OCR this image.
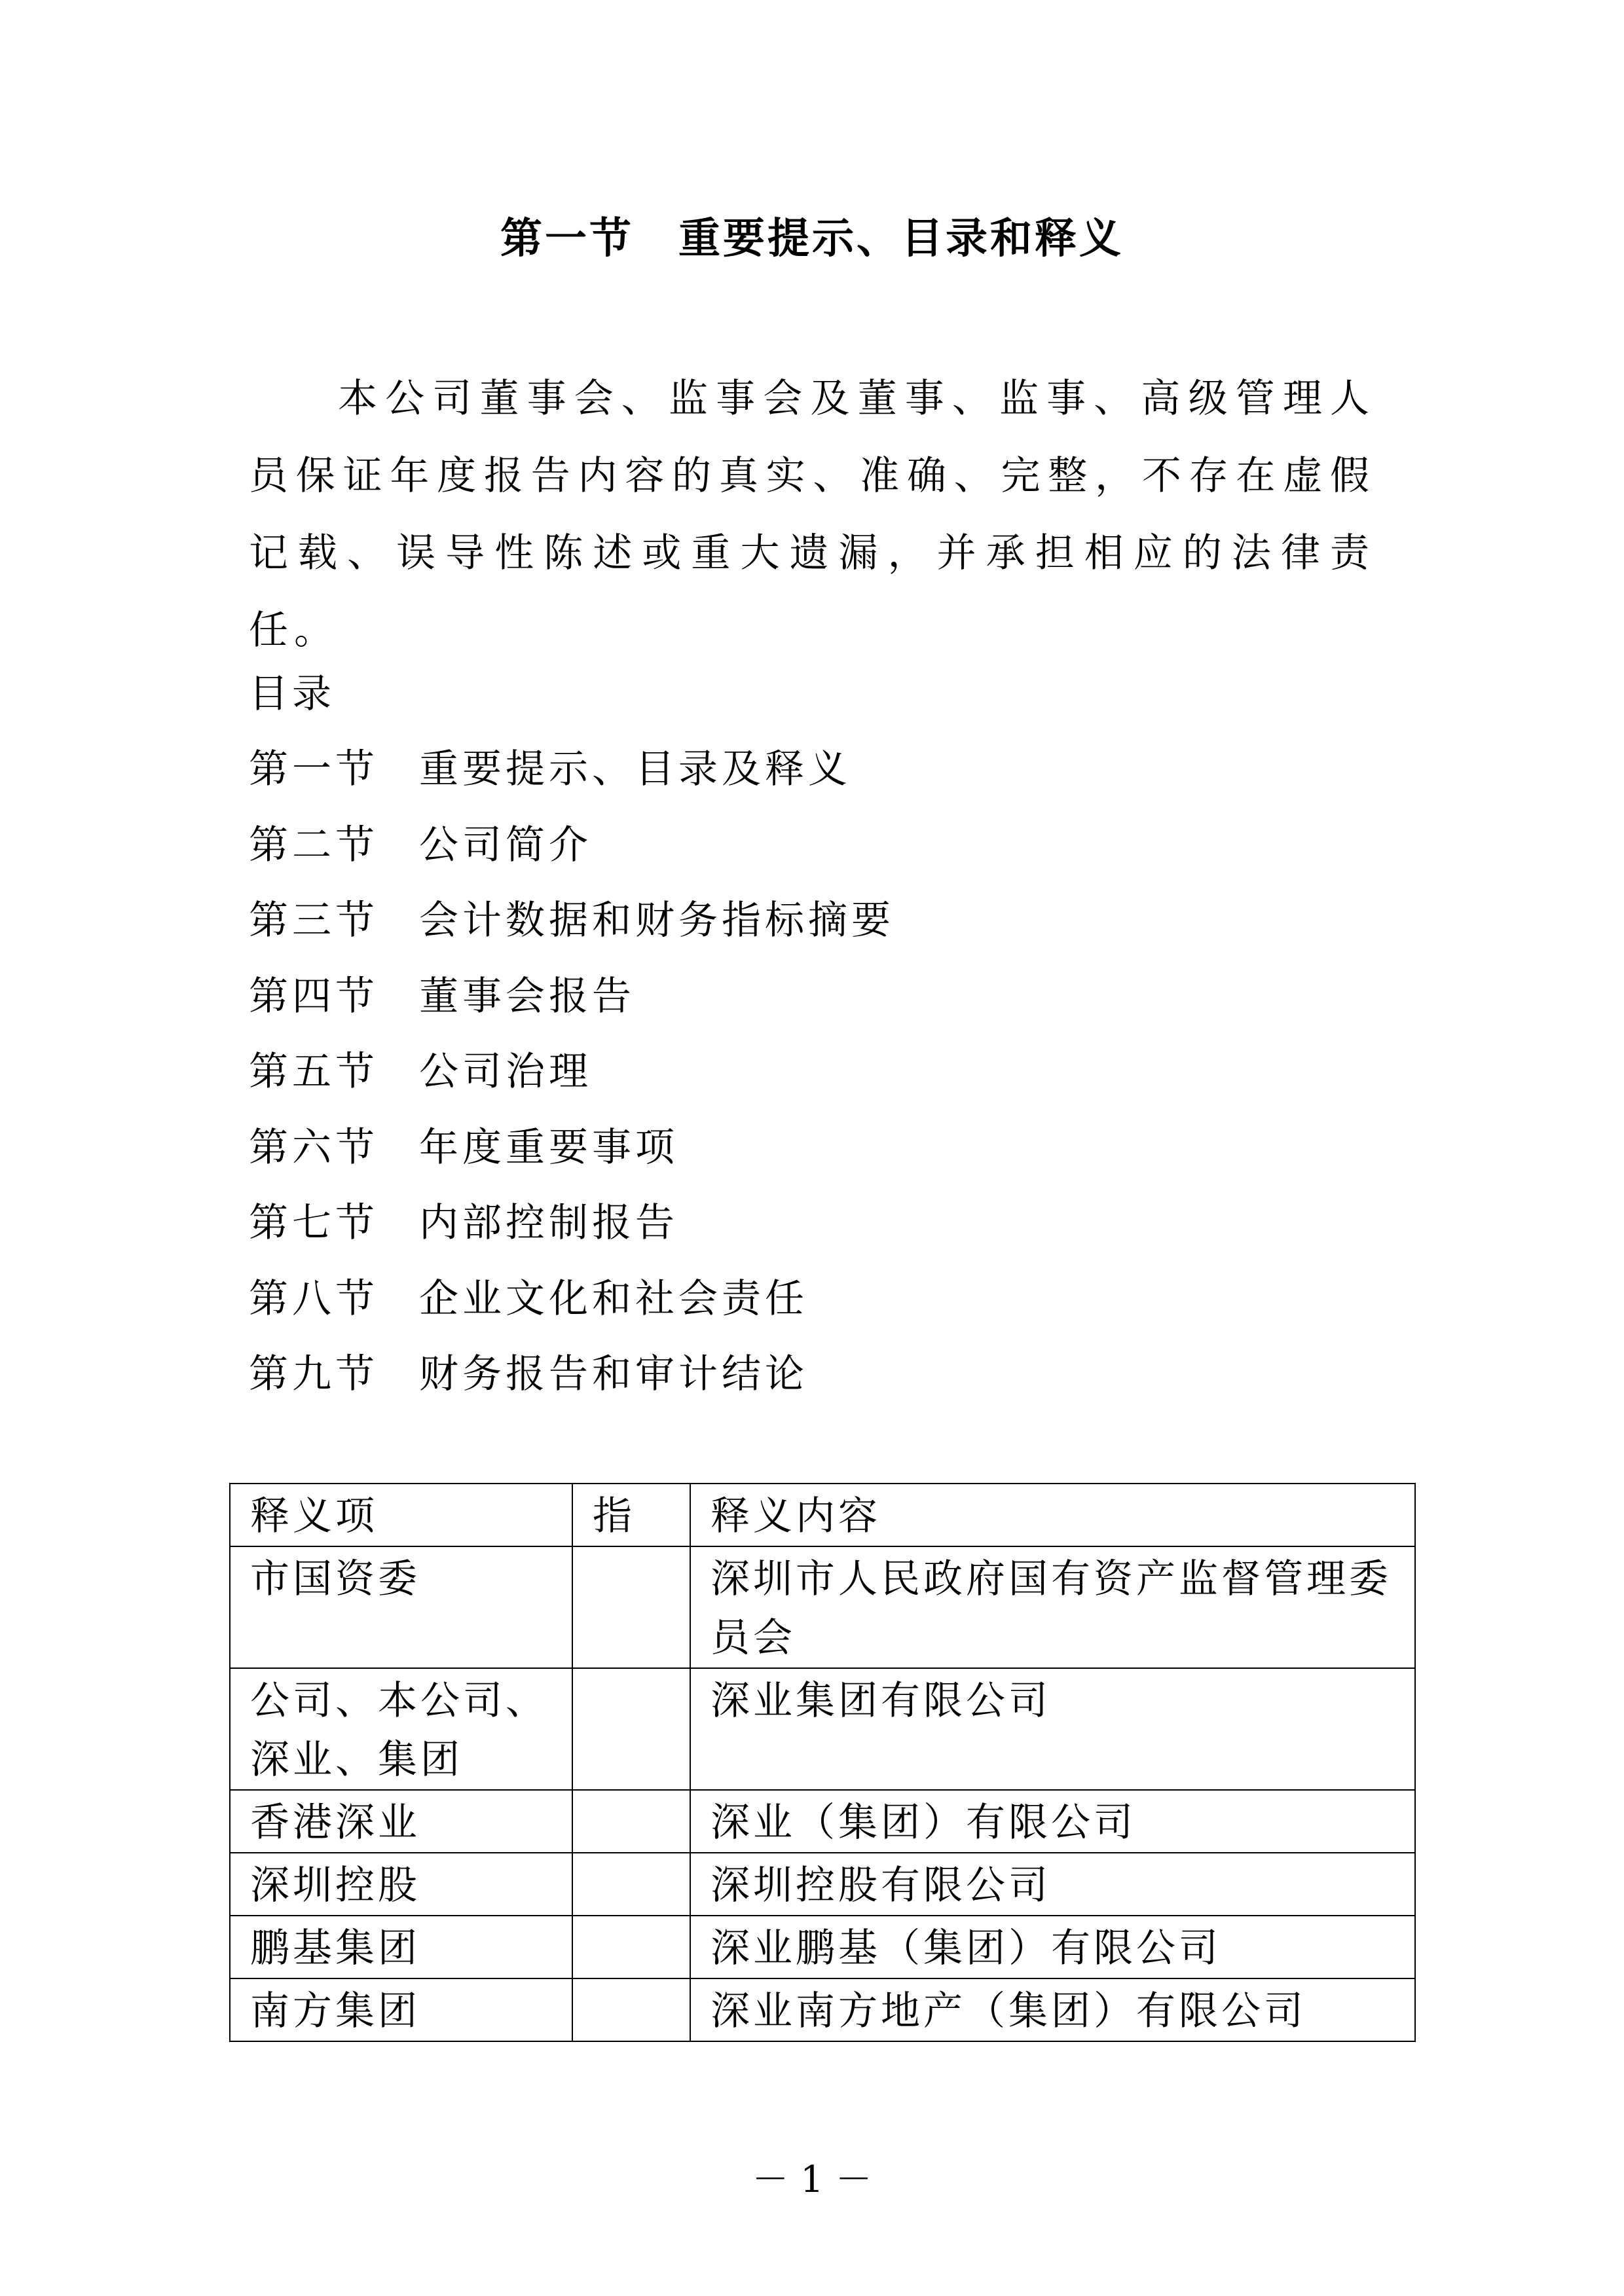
第一节　重要提示、目录和释义

本公司董事会、监事会及董事、监事、高级管理人员保证年度报告内容的真实、准确、完整，不存在虚假记载、误导性陈述或重大遗漏，并承担相应的法律责任。

目录
第一节 重要提示、目录及释义
第二节 公司简介
第三节 会计数据和财务指标摘要
第四节 董事会报告
第五节 公司治理
第六节 年度重要事项
第七节 内部控制报告
第八节 企业文化和社会责任
第九节 财务报告和审计结论
释义项	指	释义内容
市国资委		深圳市人民政府国有资产监督管理委员会
公司、本公司、深业、集团		深业集团有限公司
香港深业		深业（集团）有限公司
深圳控股		深圳控股有限公司
鹏基集团		深业鹏基（集团）有限公司
南方集团		深业南方地产（集团）有限公司
－ 1 －
